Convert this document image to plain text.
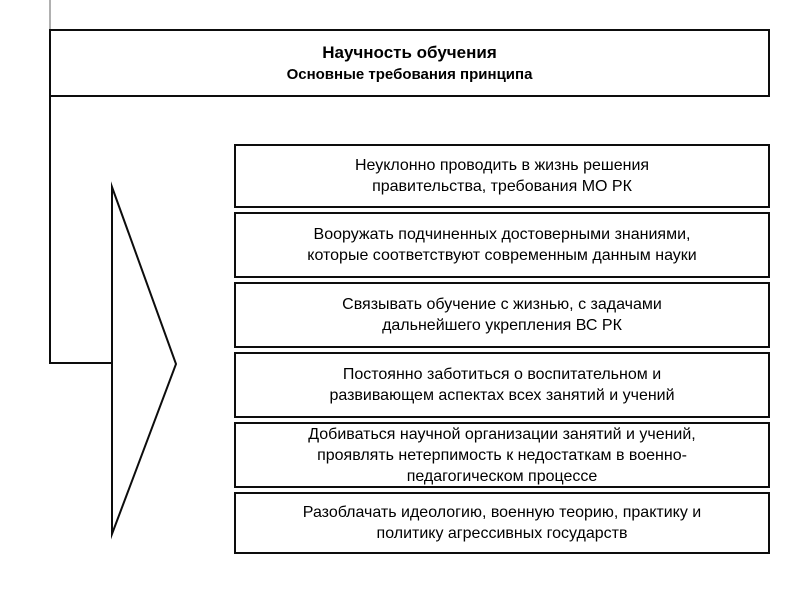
Научность обучения
Основные требования принципа
Неуклонно проводить в жизнь решения
правительства, требования МО РК
Вооружать подчиненных достоверными знаниями,
которые соответствуют современным данным науки
Связывать обучение с жизнью, с задачами
дальнейшего укрепления ВС РК
Постоянно заботиться о воспитательном и
развивающем аспектах всех занятий и учений
Добиваться научной организации занятий и учений,
проявлять нетерпимость к недостаткам в военно-
педагогическом процессе
Разоблачать идеологию, военную теорию, практику и
политику агрессивных государств
